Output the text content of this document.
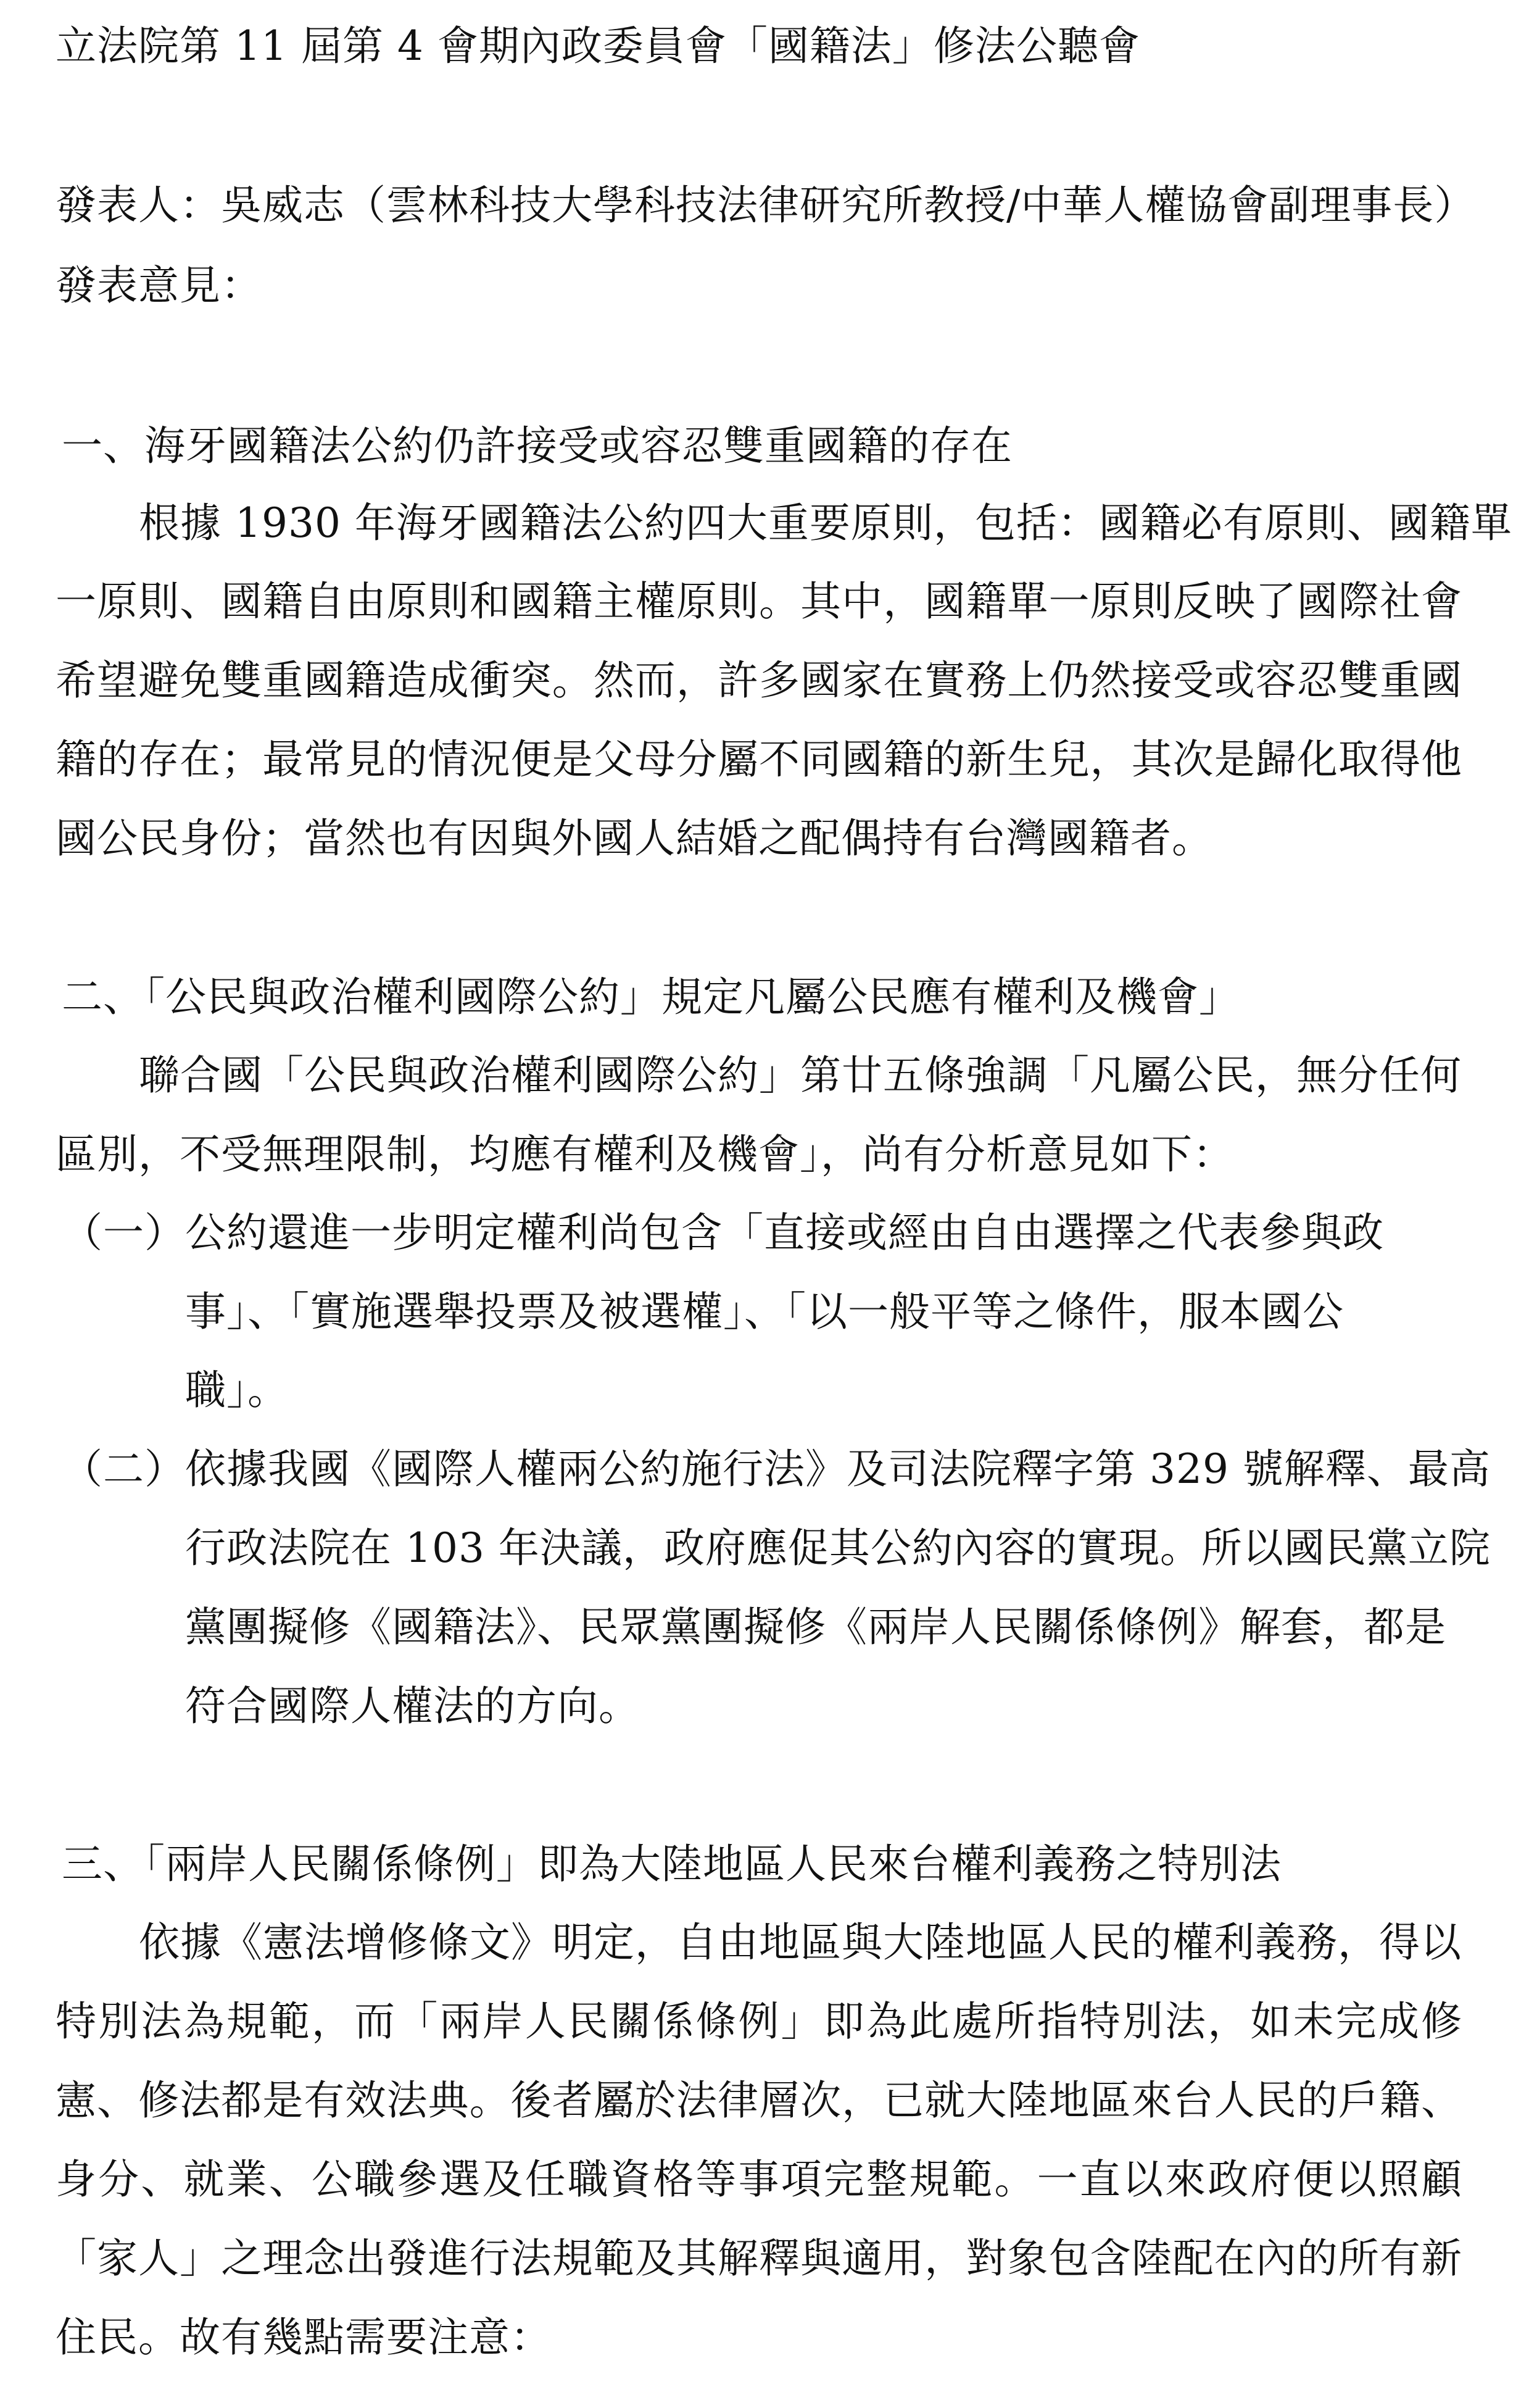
立法院第 11 屆第 4 會期內政委員會「國籍法」修法公聽會
發表人：吳威志（雲林科技大學科技法律研究所教授/中華人權協會副理事長）
發表意見：
一、海牙國籍法公約仍許接受或容忍雙重國籍的存在
根據 1930 年海牙國籍法公約四大重要原則，包括：國籍必有原則、國籍單
一原則、國籍自由原則和國籍主權原則。其中，國籍單一原則反映了國際社會
希望避免雙重國籍造成衝突。然而，許多國家在實務上仍然接受或容忍雙重國
籍的存在；最常見的情況便是父母分屬不同國籍的新生兒，其次是歸化取得他
國公民身份；當然也有因與外國人結婚之配偶持有台灣國籍者。
二、「公民與政治權利國際公約」規定凡屬公民應有權利及機會」
聯合國「公民與政治權利國際公約」第廿五條強調「凡屬公民，無分任何
區別，不受無理限制，均應有權利及機會」，尚有分析意見如下：
（一） 公約還進一步明定權利尚包含「直接或經由自由選擇之代表參與政
事」、「實施選舉投票及被選權」、「以一般平等之條件，服本國公
職」。
（二） 依據我國《國際人權兩公約施行法》及司法院釋字第 329 號解釋、最高
行政法院在 103 年決議，政府應促其公約內容的實現。所以國民黨立院
黨團擬修《國籍法》、民眾黨團擬修《兩岸人民關係條例》解套，都是
符合國際人權法的方向。
三、「兩岸人民關係條例」即為大陸地區人民來台權利義務之特別法
依據《憲法增修條文》明定，自由地區與大陸地區人民的權利義務，得以
特別法為規範，而「兩岸人民關係條例」即為此處所指特別法，如未完成修
憲、修法都是有效法典。後者屬於法律層次，已就大陸地區來台人民的戶籍、
身分、就業、公職參選及任職資格等事項完整規範。一直以來政府便以照顧
「家人」之理念出發進行法規範及其解釋與適用，對象包含陸配在內的所有新
住民。故有幾點需要注意：
